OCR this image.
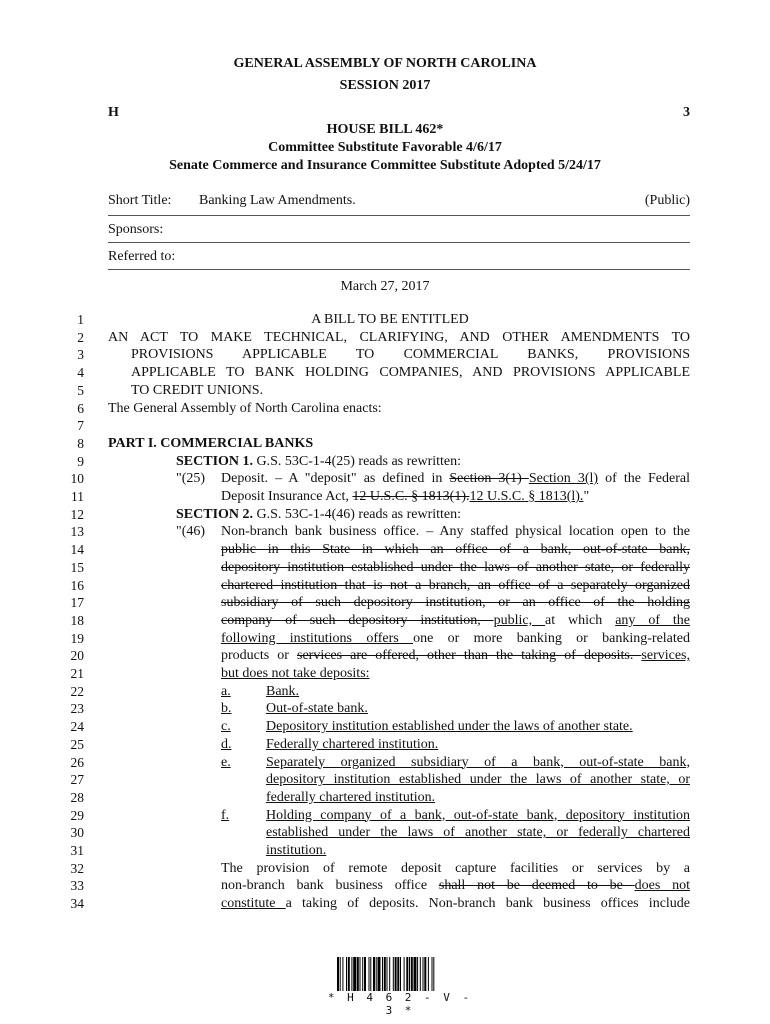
GENERAL ASSEMBLY OF NORTH CAROLINA
SESSION 2017
H	3
HOUSE BILL 462*
Committee Substitute Favorable 4/6/17
Senate Commerce and Insurance Committee Substitute Adopted 5/24/17
Short Title: Banking Law Amendments.	(Public)
Sponsors:
Referred to:
March 27, 2017
1
2
3
4
5
6
7
8
9
10
11
12
13
14
15
16
17
18
19
20
21
22
23
24
25
26
27
28
29
30
31
32
33
34
A BILL TO BE ENTITLED
AN ACT TO MAKE TECHNICAL, CLARIFYING, AND OTHER AMENDMENTS TO
PROVISIONS APPLICABLE TO COMMERCIAL BANKS, PROVISIONS
APPLICABLE TO BANK HOLDING COMPANIES, AND PROVISIONS APPLICABLE
TO CREDIT UNIONS.
The General Assembly of North Carolina enacts:
PART I. COMMERCIAL BANKS
SECTION 1. G.S. 53C-1-4(25) reads as rewritten:
"(25) Deposit. – A "deposit" as defined in Section 3(1) Section 3(l) of the Federal
Deposit Insurance Act, 12 U.S.C. § 1813(1).12 U.S.C. § 1813(l)."
SECTION 2. G.S. 53C-1-4(46) reads as rewritten:
"(46) Non-branch bank business office. – Any staffed physical location open to the
public in this State in which an office of a bank, out-of-state bank,
depository institution established under the laws of another state, or federally
chartered institution that is not a branch, an office of a separately organized
subsidiary of such depository institution, or an office of the holding
company of such depository institution, public, at which any of the
following institutions offers one or more banking or banking-related
products or services are offered, other than the taking of deposits. services,
but does not take deposits:
a.	Bank.
b. Out-of-state bank.
c.	Depository institution established under the laws of another state.
d. Federally chartered institution.
e.	Separately organized subsidiary of a bank, out-of-state bank,
depository institution established under the laws of another state, or
federally chartered institution.
f.	Holding company of a bank, out-of-state bank, depository institution
established under the laws of another state, or federally chartered
institution.
The provision of remote deposit capture facilities or services by a
non-branch bank business office shall not be deemed to be does not
constitute a taking of deposits. Non-branch bank business offices include
* H 4 6 2 - V - 3 *
